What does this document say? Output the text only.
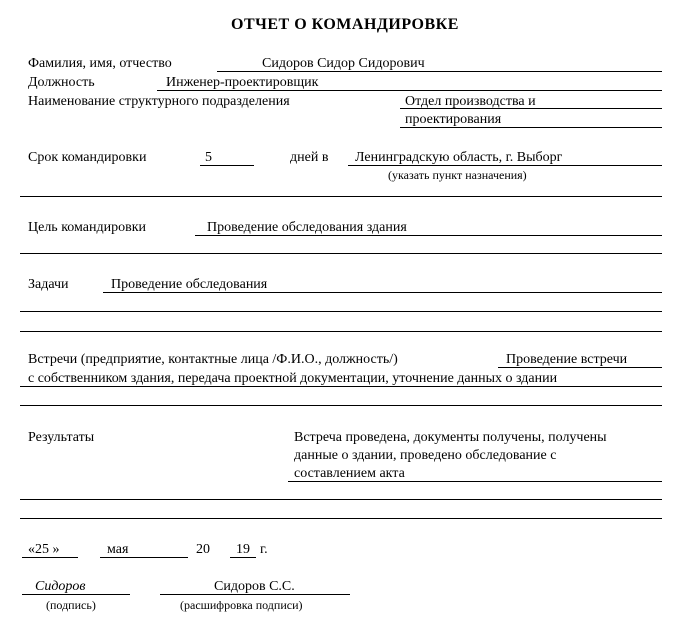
ОТЧЕТ О КОМАНДИРОВКЕ
Фамилия, имя, отчество	Сидоров Сидор Сидорович
Должность	Инженер-проектировщик
Наименование структурного подразделения	Отдел производства и
проектирования
Срок командировки	5	дней в Ленинградскую область, г. Выборг
(указать пункт назначения)
Цель командировки	Проведение обследования здания
Задачи	Проведение обследования
Встречи (предприятие, контактные лица /Ф.И.О., должность/)	Проведение встречи
с собственником здания, передача проектной документации, уточнение данных о здании
Результаты	Встреча проведена, документы получены, получены
данные о здании, проведено обследование с
составлением акта
«25 »	мая	20 19 г.
Сидоров
(подпись)
Сидоров С.С.
(расшифровка подписи)
